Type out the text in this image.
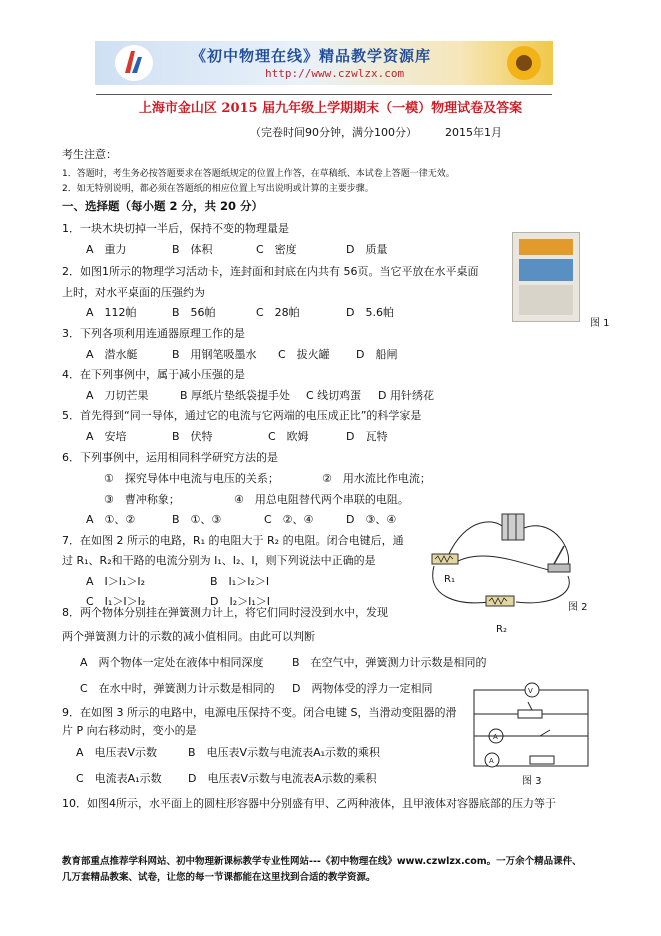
《初中物理在线》精品教学资源库
http://www.czwlzx.com
上海市金山区 2015 届九年级上学期期末（一模）物理试卷及答案
（完卷时间90分钟，满分100分）	2015年1月
考生注意：
1．答题时，考生务必按答题要求在答题纸规定的位置上作答，在草稿纸、本试卷上答题一律无效。
2．如无特别说明，都必须在答题纸的相应位置上写出说明或计算的主要步骤。
一、选择题（每小题 2 分，共 20 分）
1．一块木块切掉一半后，保持不变的物理量是
A　重力	B　体积	C　密度	D　质量
2．如图1所示的物理学习活动卡，连封面和封底在内共有 56页。当它平放在水平桌面
上时，对水平桌面的压强约为
A　112帕	B　56帕	C　28帕	D　5.6帕
图 1
3．下列各项利用连通器原理工作的是
A　潜水艇	B　用钢笔吸墨水 C　拔火罐 D　船闸
4．在下列事例中，属于减小压强的是
A　刀切芒果	B 厚纸片垫纸袋提手处 C 线切鸡蛋 D 用针绣花
5．首先得到“同一导体，通过它的电流与它两端的电压成正比”的科学家是
A　安培	B　伏特	C　欧姆	D　瓦特
6．下列事例中，运用相同科学研究方法的是
①　探究导体中电流与电压的关系；	②　用水流比作电流；
③　曹冲称象；	④　用总电阻替代两个串联的电阻。
A　①、②	B　①、③	C　②、④	D　③、④
7．在如图 2 所示的电路，R₁ 的电阻大于 R₂ 的电阻。闭合电键后，通
过 R₁、R₂和干路的电流分别为 I₁、I₂、I，则下列说法中正确的是
A　I＞I₁＞I₂	B　I₁＞I₂＞I
C　I₁＞I＞I₂	D　I₂＞I₁＞I
R₁
R₂
图 2
8．两个物体分别挂在弹簧测力计上，将它们同时浸没到水中，发现
两个弹簧测力计的示数的减小值相同。由此可以判断
A　两个物体一定处在液体中相同深度	B　在空气中，弹簧测力计示数是相同的
C　在水中时，弹簧测力计示数是相同的 D　两物体受的浮力一定相同	V
A
A
图 3
9．在如图 3 所示的电路中，电源电压保持不变。闭合电键 S，当滑动变阻器的滑
片 P 向右移动时，变小的是
A　电压表V示数	B　电压表V示数与电流表A₁示数的乘积
C　电流表A₁示数 D　电压表V示数与电流表A示数的乘积
10．如图4所示，水平面上的圆柱形容器中分别盛有甲、乙两种液体，且甲液体对容器底部的压力等于
教育部重点推荐学科网站、初中物理新课标教学专业性网站---《初中物理在线》www.czwlzx.com。一万余个精品课件、
几万套精品教案、试卷，让您的每一节课都能在这里找到合适的教学资源。
